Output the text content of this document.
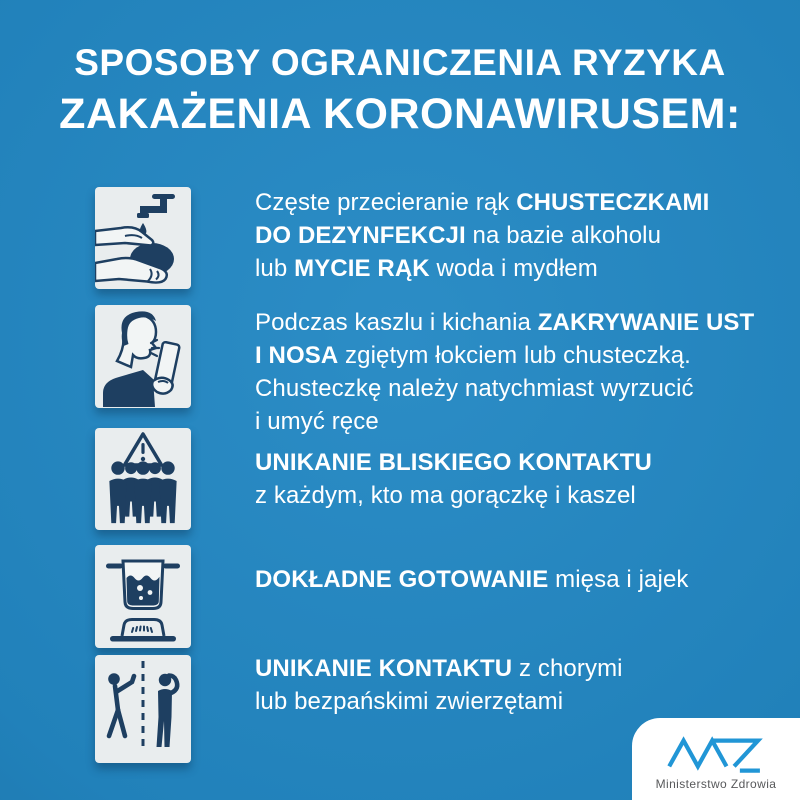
SPOSOBY OGRANICZENIA RYZYKA
ZAKAŻENIA KORONAWIRUSEM:
Częste przecieranie rąk CHUSTECZKAMI
DO DEZYNFEKCJI na bazie alkoholu
lub MYCIE RĄK woda i mydłem
Podczas kaszlu i kichania ZAKRYWANIE UST
I NOSA zgiętym łokciem lub chusteczką.
Chusteczkę należy natychmiast wyrzucić
i umyć ręce
UNIKANIE BLISKIEGO KONTAKTU
z każdym, kto ma gorączkę i kaszel
DOKŁADNE GOTOWANIE mięsa i jajek
UNIKANIE KONTAKTU z chorymi
lub bezpańskimi zwierzętami
Ministerstwo Zdrowia
